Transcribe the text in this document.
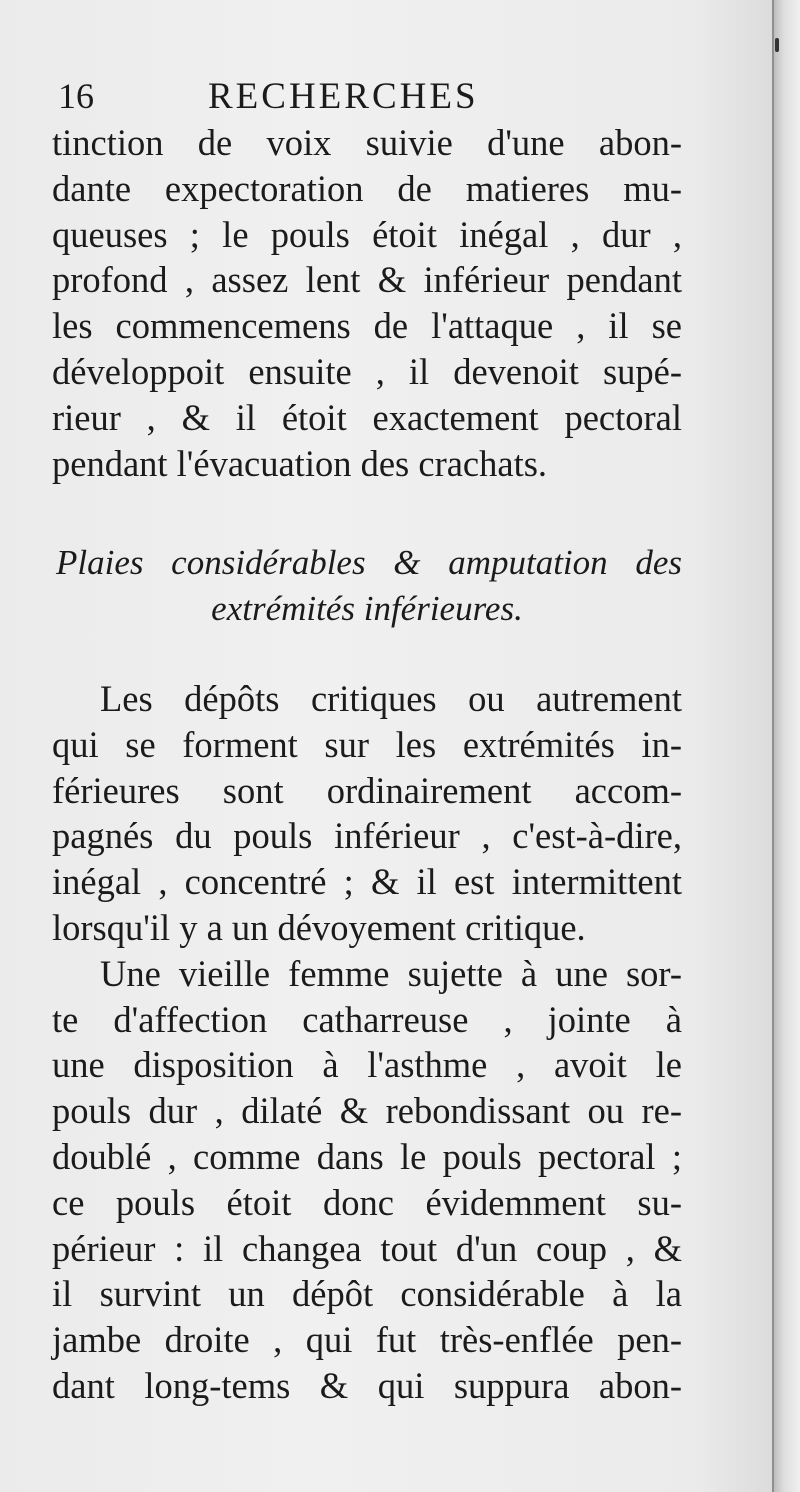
16	RECHERCHES
tinction de voix suivie d'une abon-
dante expectoration de matieres mu-
queuses ; le pouls étoit inégal , dur ,
profond , assez lent & inférieur pendant
les commencemens de l'attaque , il se
développoit ensuite , il devenoit supé-
rieur , & il étoit exactement pectoral
pendant l'évacuation des crachats.
Plaies considérables & amputation des
extrémités inférieures.
Les dépôts critiques ou autrement
qui se forment sur les extrémités in-
férieures sont ordinairement accom-
pagnés du pouls inférieur , c'est-à-dire,
inégal , concentré ; & il est intermittent
lorsqu'il y a un dévoyement critique.
Une vieille femme sujette à une sor-
te d'affection catharreuse , jointe à
une disposition à l'asthme , avoit le
pouls dur , dilaté & rebondissant ou re-
doublé , comme dans le pouls pectoral ;
ce pouls étoit donc évidemment su-
périeur : il changea tout d'un coup , &
il survint un dépôt considérable à la
jambe droite , qui fut très-enflée pen-
dant long-tems & qui suppura abon-
